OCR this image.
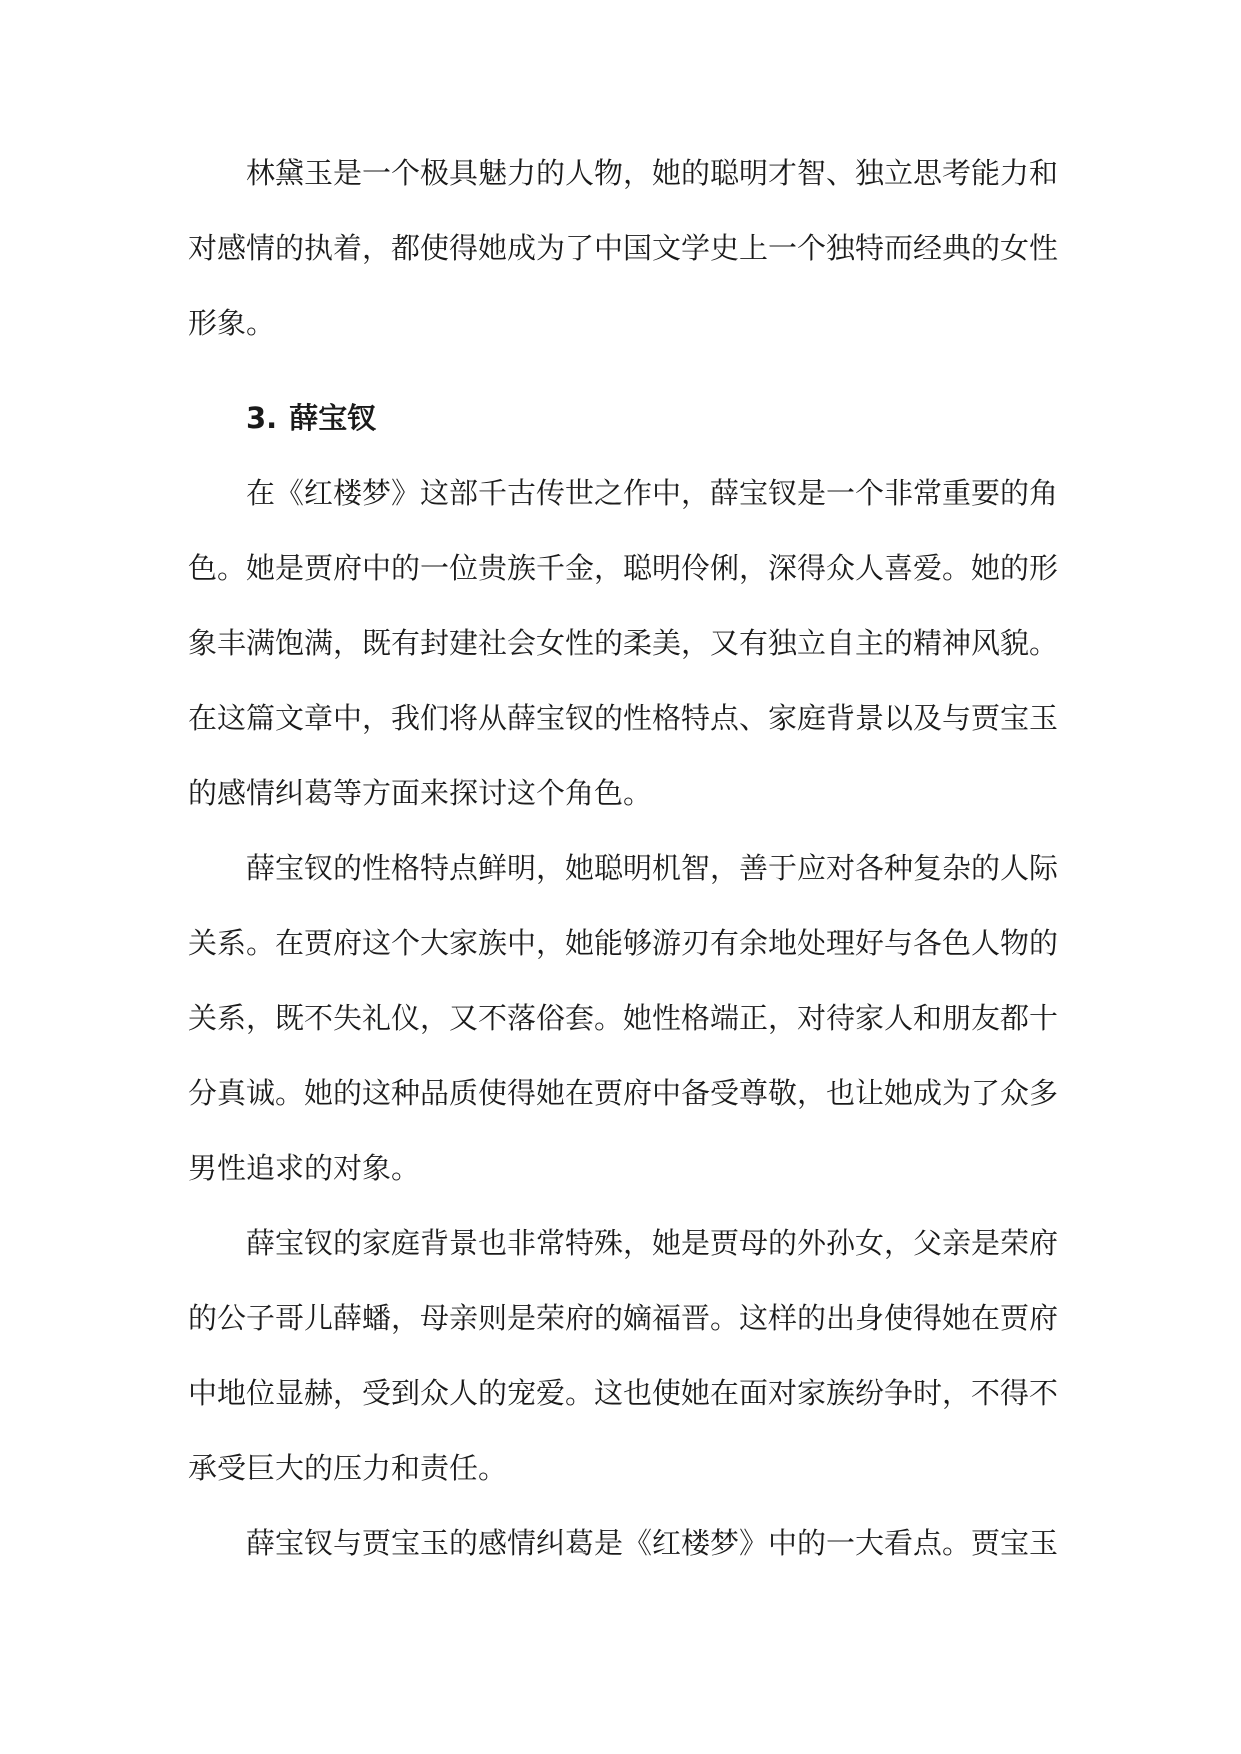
林黛玉是一个极具魅力的人物，她的聪明才智、独立思考能力和对感情的执着，都使得她成为了中国文学史上一个独特而经典的女性形象。

3. 薛宝钗

在《红楼梦》这部千古传世之作中，薛宝钗是一个非常重要的角色。她是贾府中的一位贵族千金，聪明伶俐，深得众人喜爱。她的形象丰满饱满，既有封建社会女性的柔美，又有独立自主的精神风貌。在这篇文章中，我们将从薛宝钗的性格特点、家庭背景以及与贾宝玉的感情纠葛等方面来探讨这个角色。

薛宝钗的性格特点鲜明，她聪明机智，善于应对各种复杂的人际关系。在贾府这个大家族中，她能够游刃有余地处理好与各色人物的关系，既不失礼仪，又不落俗套。她性格端正，对待家人和朋友都十分真诚。她的这种品质使得她在贾府中备受尊敬，也让她成为了众多男性追求的对象。

薛宝钗的家庭背景也非常特殊，她是贾母的外孙女，父亲是荣府的公子哥儿薛蟠，母亲则是荣府的嫡福晋。这样的出身使得她在贾府中地位显赫，受到众人的宠爱。这也使她在面对家族纷争时，不得不承受巨大的压力和责任。

薛宝钗与贾宝玉的感情纠葛是《红楼梦》中的一大看点。贾宝玉
